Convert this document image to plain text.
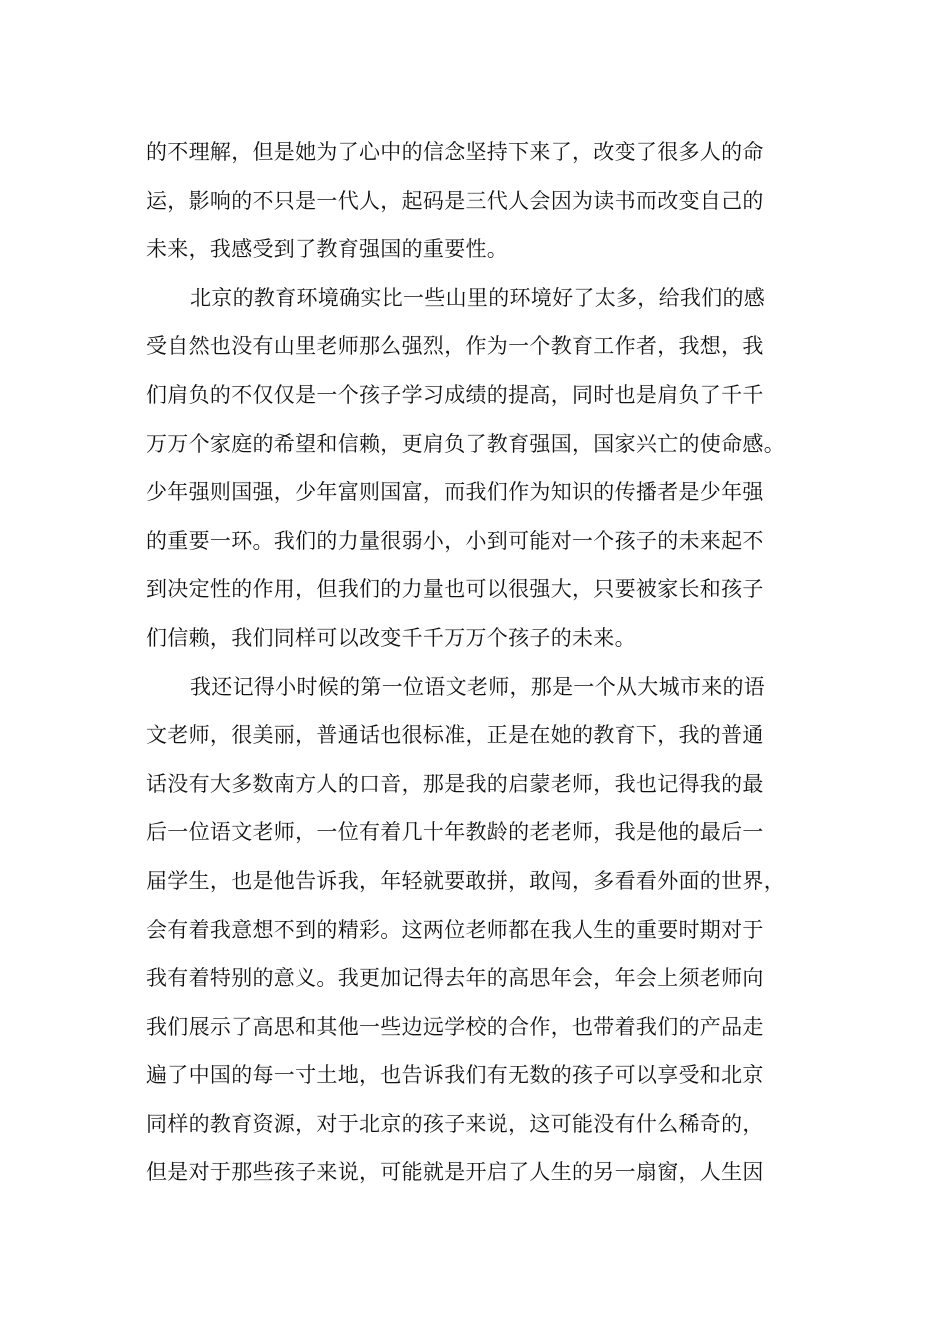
的不理解，但是她为了心中的信念坚持下来了，改变了很多人的命
运，影响的不只是一代人，起码是三代人会因为读书而改变自己的
未来，我感受到了教育强国的重要性。
北京的教育环境确实比一些山里的环境好了太多，给我们的感
受自然也没有山里老师那么强烈，作为一个教育工作者，我想，我
们肩负的不仅仅是一个孩子学习成绩的提高，同时也是肩负了千千
万万个家庭的希望和信赖，更肩负了教育强国，国家兴亡的使命感。
少年强则国强，少年富则国富，而我们作为知识的传播者是少年强
的重要一环。我们的力量很弱小，小到可能对一个孩子的未来起不
到决定性的作用，但我们的力量也可以很强大，只要被家长和孩子
们信赖，我们同样可以改变千千万万个孩子的未来。
我还记得小时候的第一位语文老师，那是一个从大城市来的语
文老师，很美丽，普通话也很标准，正是在她的教育下，我的普通
话没有大多数南方人的口音，那是我的启蒙老师，我也记得我的最
后一位语文老师，一位有着几十年教龄的老老师，我是他的最后一
届学生，也是他告诉我，年轻就要敢拼，敢闯，多看看外面的世界，
会有着我意想不到的精彩。这两位老师都在我人生的重要时期对于
我有着特别的意义。我更加记得去年的高思年会，年会上须老师向
我们展示了高思和其他一些边远学校的合作，也带着我们的产品走
遍了中国的每一寸土地，也告诉我们有无数的孩子可以享受和北京
同样的教育资源，对于北京的孩子来说，这可能没有什么稀奇的，
但是对于那些孩子来说，可能就是开启了人生的另一扇窗，人生因
